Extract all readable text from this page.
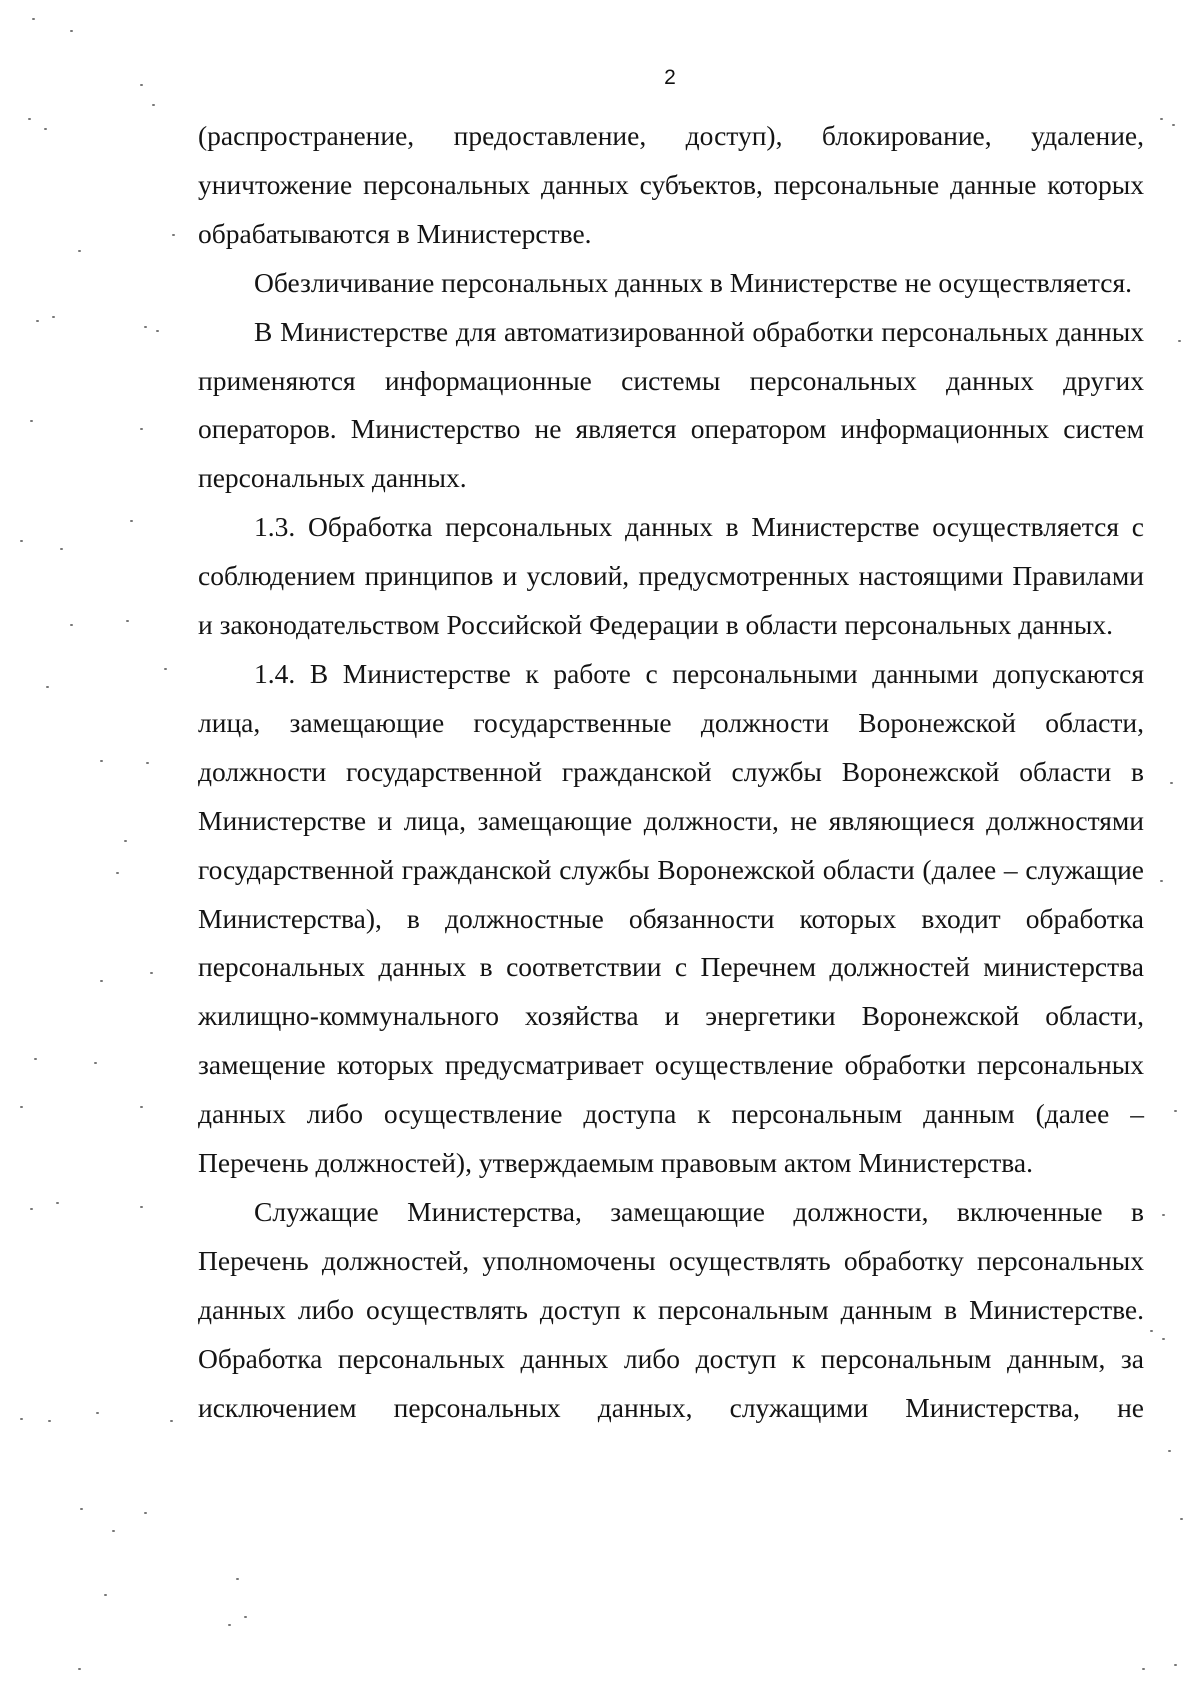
2

(распространение, предоставление, доступ), блокирование, удаление, уничтожение персональных данных субъектов, персональные данные которых обрабатываются в Министерстве.

Обезличивание персональных данных в Министерстве не осуществляется.

В Министерстве для автоматизированной обработки персональных данных применяются информационные системы персональных данных других операторов. Министерство не является оператором информационных систем персональных данных.

1.3. Обработка персональных данных в Министерстве осуществляется с соблюдением принципов и условий, предусмотренных настоящими Правилами и законодательством Российской Федерации в области персональных данных.

1.4. В Министерстве к работе с персональными данными допускаются лица, замещающие государственные должности Воронежской области, должности государственной гражданской службы Воронежской области в Министерстве и лица, замещающие должности, не являющиеся должностями государственной гражданской службы Воронежской области (далее – служащие Министерства), в должностные обязанности которых входит обработка персональных данных в соответствии с Перечнем должностей министерства жилищно-коммунального хозяйства и энергетики Воронежской области, замещение которых предусматривает осуществление обработки персональных данных либо осуществление доступа к персональным данным (далее – Перечень должностей), утверждаемым правовым актом Министерства.

Служащие Министерства, замещающие должности, включенные в Перечень должностей, уполномочены осуществлять обработку персональных данных либо осуществлять доступ к персональным данным в Министерстве. Обработка персональных данных либо доступ к персональным данным, за исключением персональных данных, служащими Министерства, не
